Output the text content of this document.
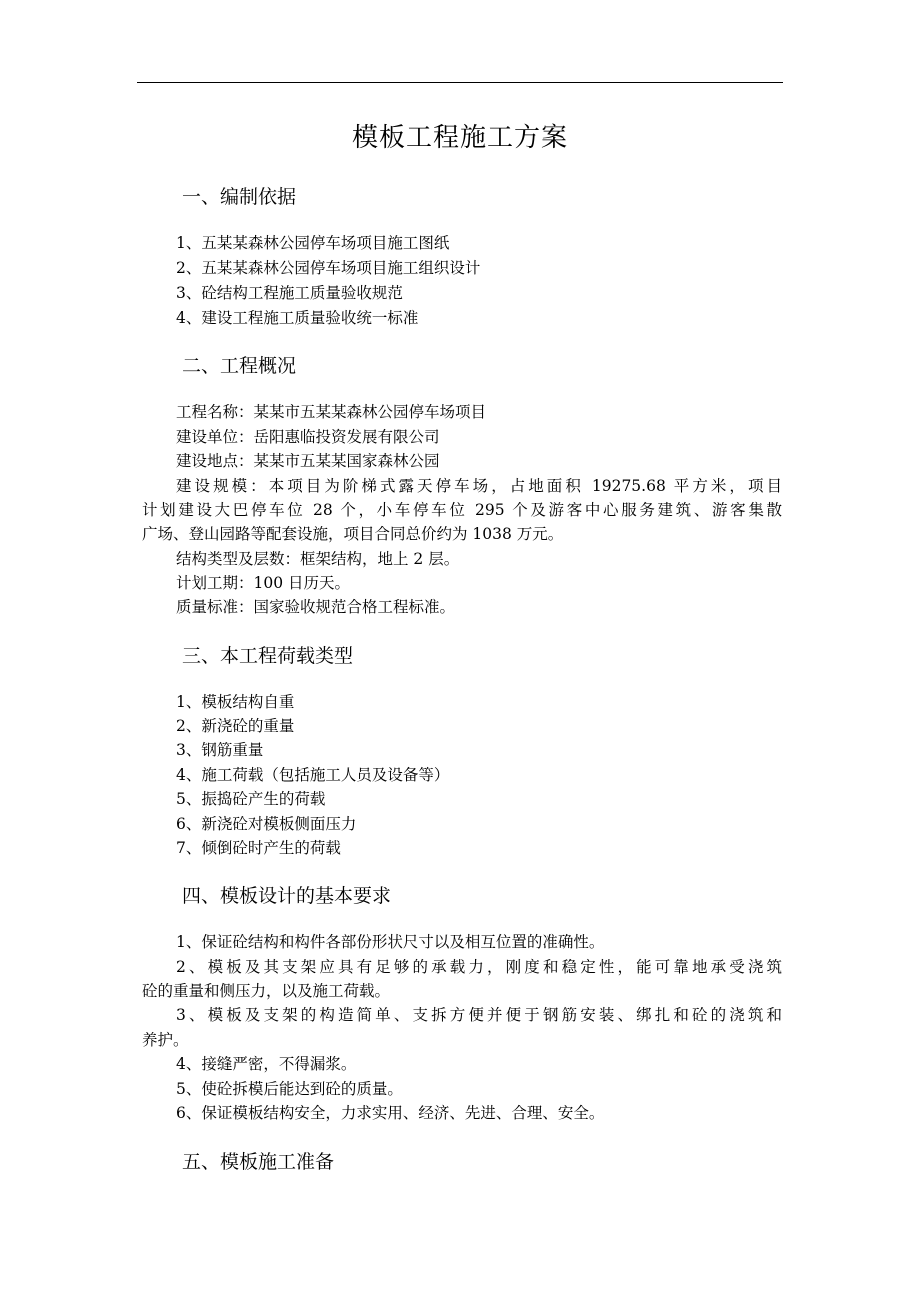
模板工程施工方案
一、编制依据
1、五某某森林公园停车场项目施工图纸
2、五某某森林公园停车场项目施工组织设计
3、砼结构工程施工质量验收规范
4、建设工程施工质量验收统一标准
二、工程概况
工程名称：某某市五某某森林公园停车场项目
建设单位：岳阳惠临投资发展有限公司
建设地点：某某市五某某国家森林公园
建设规模：本项目为阶梯式露天停车场，占地面积 19275.68 平方米，项目
计划建设大巴停车位 28 个，小车停车位 295 个及游客中心服务建筑、游客集散
广场、登山园路等配套设施，项目合同总价约为 1038 万元。
结构类型及层数：框架结构，地上 2 层。
计划工期：100 日历天。
质量标准：国家验收规范合格工程标准。
三、本工程荷载类型
1、模板结构自重
2、新浇砼的重量
3、钢筋重量
4、施工荷载（包括施工人员及设备等）
5、振捣砼产生的荷载
6、新浇砼对模板侧面压力
7、倾倒砼时产生的荷载
四、模板设计的基本要求
1、保证砼结构和构件各部份形状尺寸以及相互位置的准确性。
2、模板及其支架应具有足够的承载力，刚度和稳定性，能可靠地承受浇筑
砼的重量和侧压力，以及施工荷载。
3、模板及支架的构造简单、支拆方便并便于钢筋安装、绑扎和砼的浇筑和
养护。
4、接缝严密，不得漏浆。
5、使砼拆模后能达到砼的质量。
6、保证模板结构安全，力求实用、经济、先进、合理、安全。
五、模板施工准备
